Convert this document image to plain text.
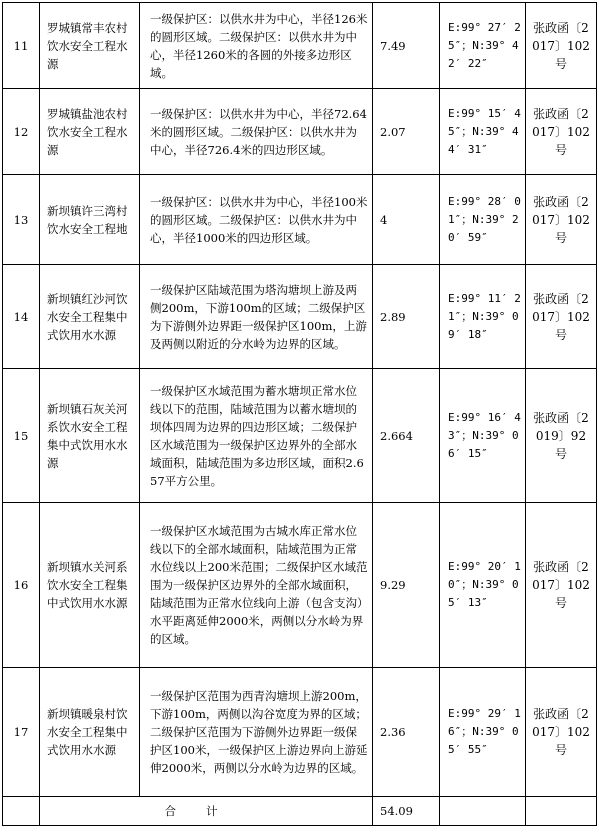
11	罗城镇常丰农村饮水安全工程水源	一级保护区：以供水井为中心，半径126米的圆形区域。二级保护区：以供水井为中心，半径1260米的各圆的外接多边形区域。	7.49	E:99° 27′ 25″；N:39° 42′ 22″	张政函〔2017〕102号
12	罗城镇盐池农村饮水安全工程水源	一级保护区：以供水井为中心，半径72.64米的圆形区域。二级保护区：以供水井为中心，半径726.4米的四边形区域。	2.07	E:99° 15′ 45″；N:39° 44′ 31″	张政函〔2017〕102号
13	新坝镇许三湾村饮水安全工程地	一级保护区：以供水井为中心，半径100米的圆形区域。二级保护区：以供水井为中心，半径1000米的四边形区域。	4	E:99° 28′ 01″；N:39° 20′ 59″	张政函〔2017〕102号
14	新坝镇红沙河饮水安全工程集中式饮用水水源	一级保护区陆域范围为塔沟塘坝上游及两侧200m，下游100m的区域；二级保护区为下游侧外边界距一级保护区100m，上游及两侧以附近的分水岭为边界的区域。	2.89	E:99° 11′ 21″；N:39° 09′ 18″	张政函〔2017〕102号
15	新坝镇石灰关河系饮水安全工程集中式饮用水水源	一级保护区水域范围为蓄水塘坝正常水位线以下的范围，陆域范围为以蓄水塘坝的坝体四周为边界的四边形区域；二级保护区水域范围为一级保护区边界外的全部水域面积，陆域范围为多边形区域，面积2.657平方公里。	2.664	E:99° 16′ 43″；N:39° 06′ 15″	张政函〔2019〕92号
16	新坝镇水关河系饮水安全工程集中式饮用水水源	一级保护区水域范围为古城水库正常水位线以下的全部水域面积，陆域范围为正常水位线以上200米范围；二级保护区水域范围为一级保护区边界外的全部水域面积，陆域范围为正常水位线向上游（包含支沟）水平距离延伸2000米，两侧以分水岭为界的区域。	9.29	E:99° 20′ 10″；N:39° 05′ 13″	张政函〔2017〕102号
17	新坝镇暖泉村饮水安全工程集中式饮用水水源	一级保护区范围为西青沟塘坝上游200m，下游100m，两侧以沟谷宽度为界的区域；二级保护区范围为下游侧外边界距一级保护区100米，一级保护区上游边界向上游延伸2000米，两侧以分水岭为边界的区域。	2.36	E:99° 29′ 16″；N:39° 05′ 55″	张政函〔2017〕102号
	合计		54.09		
